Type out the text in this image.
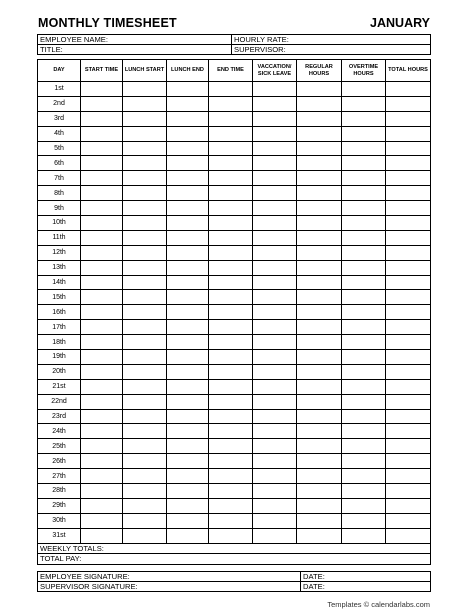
MONTHLY TIMESHEET	JANUARY
EMPLOYEE NAME:	HOURLY RATE:
TITLE:	SUPERVISOR:
DAY	START TIME	LUNCH START	LUNCH END	END TIME	VACCATION/ SICK LEAVE	REGULAR HOURS	OVERTIME HOURS	TOTAL HOURS
1st								
2nd								
3rd								
4th								
5th								
6th								
7th								
8th								
9th								
10th								
11th								
12th								
13th								
14th								
15th								
16th								
17th								
18th								
19th								
20th								
21st								
22nd								
23rd								
24th								
25th								
26th								
27th								
28th								
29th								
30th								
31st								
WEEKLY TOTALS:								
TOTAL PAY:								
EMPLOYEE SIGNATURE:	DATE:
SUPERVISOR SIGNATURE:	DATE:
Templates © calendarlabs.com
